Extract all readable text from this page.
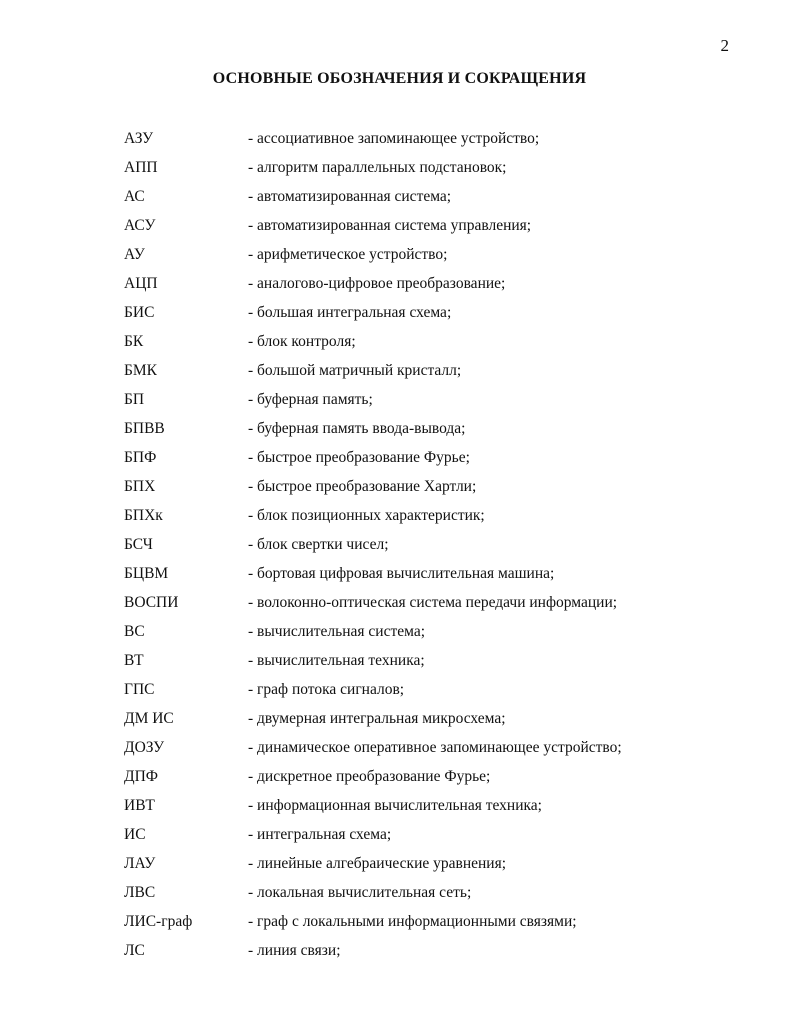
2
ОСНОВНЫЕ ОБОЗНАЧЕНИЯ И СОКРАЩЕНИЯ
АЗУ	- ассоциативное запоминающее устройство;
АПП	- алгоритм параллельных подстановок;
АС	- автоматизированная система;
АСУ	- автоматизированная система управления;
АУ	- арифметическое устройство;
АЦП	- аналогово-цифровое преобразование;
БИС	- большая интегральная схема;
БК	- блок контроля;
БМК	- большой матричный кристалл;
БП	- буферная память;
БПВВ	- буферная память ввода-вывода;
БПФ	- быстрое преобразование Фурье;
БПХ	- быстрое преобразование Хартли;
БПХк	- блок позиционных характеристик;
БСЧ	- блок свертки чисел;
БЦВМ	- бортовая цифровая вычислительная машина;
ВОСПИ	- волоконно-оптическая система передачи информации;
ВС	- вычислительная система;
ВТ	- вычислительная техника;
ГПС	- граф потока сигналов;
ДМ ИС	- двумерная интегральная микросхема;
ДОЗУ	- динамическое оперативное запоминающее устройство;
ДПФ	- дискретное преобразование Фурье;
ИВТ	- информационная вычислительная техника;
ИС	- интегральная схема;
ЛАУ	- линейные алгебраические уравнения;
ЛВС	- локальная вычислительная сеть;
ЛИС-граф	- граф с локальными информационными связями;
ЛС	- линия связи;
